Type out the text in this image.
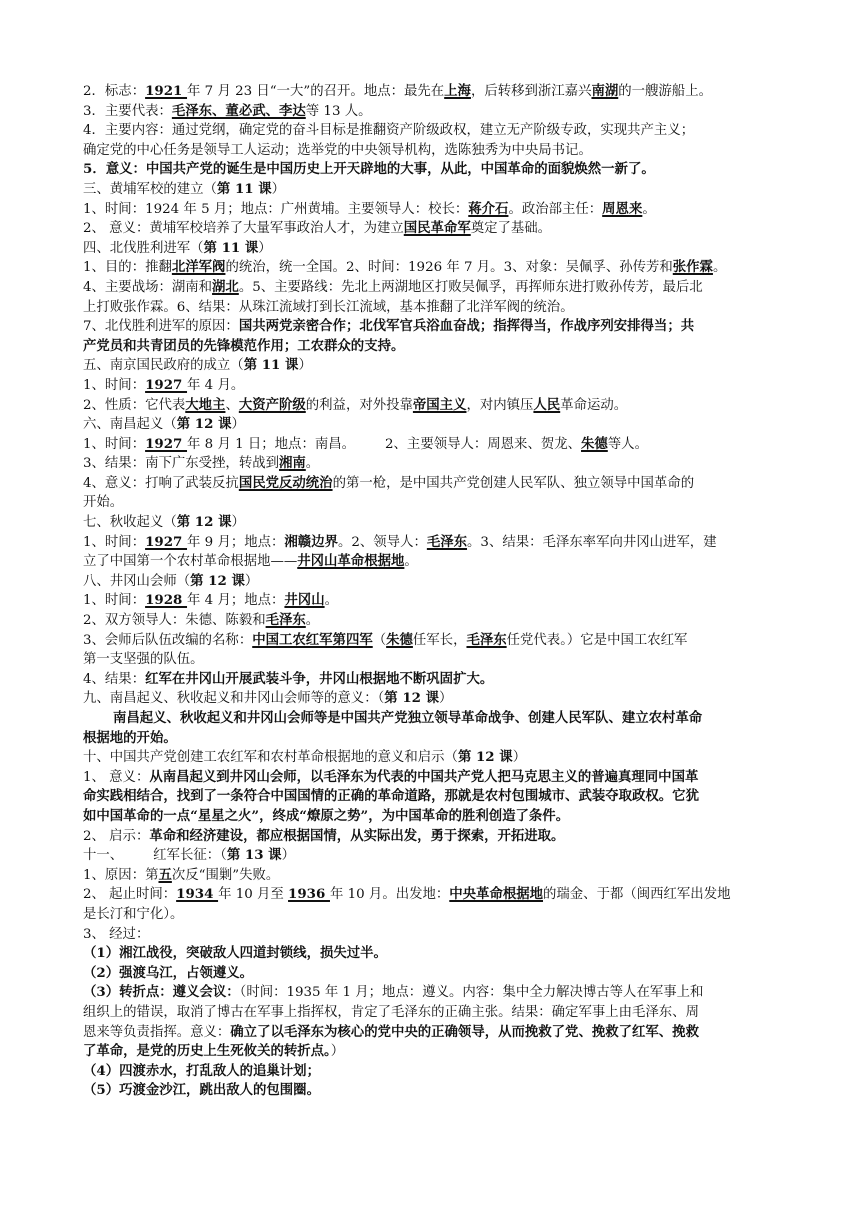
2．标志：1921 年 7 月 23 日“一大”的召开。地点：最先在上海，后转移到浙江嘉兴南湖的一艘游船上。
3．主要代表：毛泽东、董必武、李达等 13 人。
4．主要内容：通过党纲，确定党的奋斗目标是推翻资产阶级政权，建立无产阶级专政，实现共产主义；
确定党的中心任务是领导工人运动；选举党的中央领导机构，选陈独秀为中央局书记。
5．意义：中国共产党的诞生是中国历史上开天辟地的大事，从此，中国革命的面貌焕然一新了。
三、黄埔军校的建立（第 11 课）
1、时间：1924 年 5 月；地点：广州黄埔。主要领导人：校长：蒋介石。政治部主任：周恩来。
2、 意义：黄埔军校培养了大量军事政治人才，为建立国民革命军奠定了基础。
四、北伐胜利进军（第 11 课）
1、目的：推翻北洋军阀的统治，统一全国。2、时间：1926 年 7 月。3、对象：吴佩孚、孙传芳和张作霖。
4、主要战场：湖南和湖北。5、主要路线：先北上两湖地区打败吴佩孚，再挥师东进打败孙传芳，最后北
上打败张作霖。6、结果：从珠江流域打到长江流域，基本推翻了北洋军阀的统治。
7、北伐胜利进军的原因：国共两党亲密合作；北伐军官兵浴血奋战；指挥得当，作战序列安排得当；共
产党员和共青团员的先锋模范作用；工农群众的支持。
五、南京国民政府的成立（第 11 课）
1、时间：1927 年 4 月。
2、性质：它代表大地主、大资产阶级的利益，对外投靠帝国主义，对内镇压人民革命运动。
六、南昌起义（第 12 课）
1、时间：1927 年 8 月 1 日；地点：南昌。 2、主要领导人：周恩来、贺龙、朱德等人。
3、结果：南下广东受挫，转战到湘南。
4、意义：打响了武装反抗国民党反动统治的第一枪，是中国共产党创建人民军队、独立领导中国革命的
开始。
七、秋收起义（第 12 课）
1、时间：1927 年 9 月；地点：湘赣边界。2、领导人：毛泽东。3、结果：毛泽东率军向井冈山进军，建
立了中国第一个农村革命根据地——井冈山革命根据地。
八、井冈山会师（第 12 课）
1、时间：1928 年 4 月；地点：井冈山。
2、双方领导人：朱德、陈毅和毛泽东。
3、会师后队伍改编的名称：中国工农红军第四军（朱德任军长，毛泽东任党代表。）它是中国工农红军
第一支坚强的队伍。
4、结果：红军在井冈山开展武装斗争，井冈山根据地不断巩固扩大。
九、南昌起义、秋收起义和井冈山会师等的意义：（第 12 课）
南昌起义、秋收起义和井冈山会师等是中国共产党独立领导革命战争、创建人民军队、建立农村革命
根据地的开始。
十、中国共产党创建工农红军和农村革命根据地的意义和启示（第 12 课）
1、 意义：从南昌起义到井冈山会师，以毛泽东为代表的中国共产党人把马克思主义的普遍真理同中国革
命实践相结合，找到了一条符合中国国情的正确的革命道路，那就是农村包围城市、武装夺取政权。它犹
如中国革命的一点“星星之火”，终成“燎原之势”，为中国革命的胜利创造了条件。
2、 启示：革命和经济建设，都应根据国情，从实际出发，勇于探索，开拓进取。
十一、 红军长征：（第 13 课）
1、原因：第五次反“围剿”失败。
2、 起止时间：1934 年 10 月至 1936 年 10 月。出发地：中央革命根据地的瑞金、于都（闽西红军出发地
是长汀和宁化）。
3、 经过：
（1）湘江战役，突破敌人四道封锁线，损失过半。
（2）强渡乌江，占领遵义。
（3）转折点：遵义会议：（时间：1935 年 1 月；地点：遵义。内容：集中全力解决博古等人在军事上和
组织上的错误，取消了博古在军事上指挥权，肯定了毛泽东的正确主张。结果：确定军事上由毛泽东、周
恩来等负责指挥。意义：确立了以毛泽东为核心的党中央的正确领导，从而挽救了党、挽救了红军、挽救
了革命，是党的历史上生死攸关的转折点。）
（4）四渡赤水，打乱敌人的追巢计划；
（5）巧渡金沙江，跳出敌人的包围圈。
